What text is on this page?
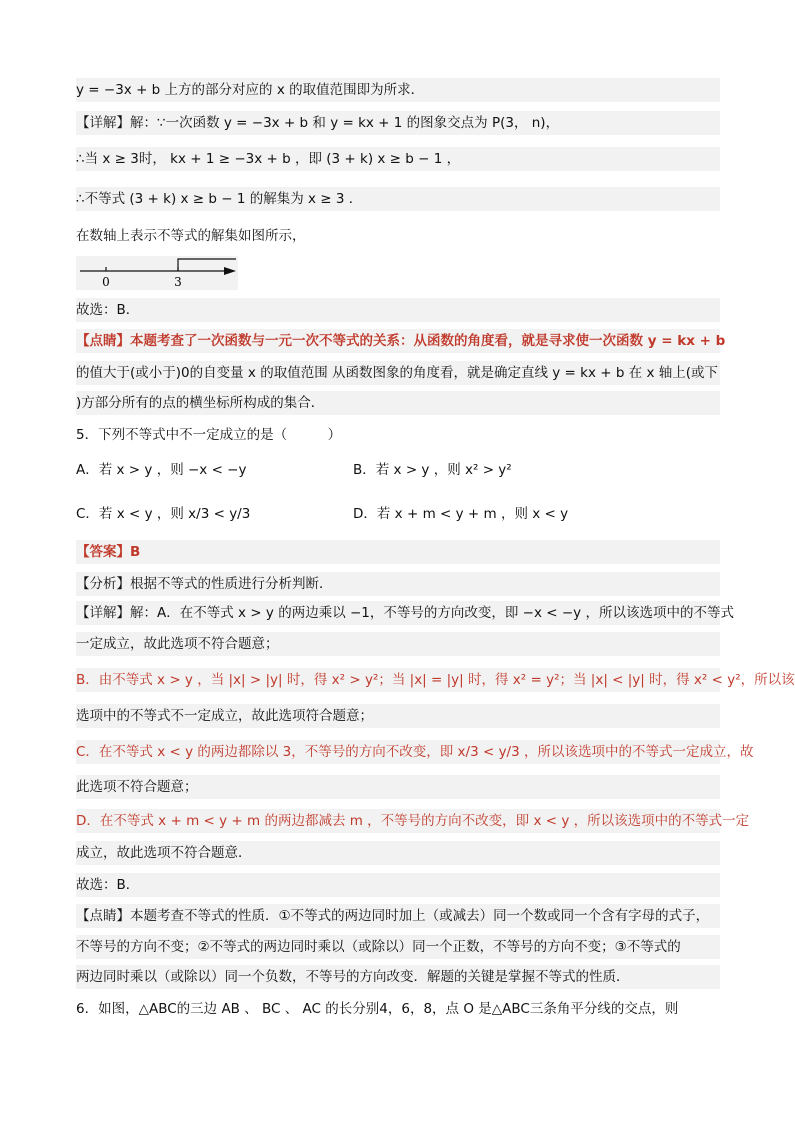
y = −3x + b 上方的部分对应的 x 的取值范围即为所求．
【详解】解：∵一次函数 y = −3x + b 和 y = kx + 1 的图象交点为 P(3， n)，
∴当 x ≥ 3时， kx + 1 ≥ −3x + b ，即 (3 + k) x ≥ b − 1 ，
∴不等式 (3 + k) x ≥ b − 1 的解集为 x ≥ 3 ．
在数轴上表示不等式的解集如图所示，
0	3
故选：B．
【点睛】本题考查了一次函数与一元一次不等式的关系：从函数的角度看，就是寻求使一次函数 y = kx + b
的值大于(或小于)0的自变量 x 的取值范围 从函数图象的角度看，就是确定直线 y = kx + b 在 x 轴上(或下
)方部分所有的点的横坐标所构成的集合．
5．下列不等式中不一定成立的是（　　　）
A．若 x > y ，则 −x < −y	B．若 x > y ，则 x² > y²
C．若 x < y ，则 x/3 < y/3	D．若 x + m < y + m ，则 x < y
【答案】B
【分析】根据不等式的性质进行分析判断．
【详解】解：A．在不等式 x > y 的两边乘以 −1，不等号的方向改变，即 −x < −y ，所以该选项中的不等式
一定成立，故此选项不符合题意；
B．由不等式 x > y ，当 |x| > |y| 时，得 x² > y²；当 |x| = |y| 时，得 x² = y²；当 |x| < |y| 时，得 x² < y²，所以该
选项中的不等式不一定成立，故此选项符合题意；
C．在不等式 x < y 的两边都除以 3，不等号的方向不改变，即 x/3 < y/3 ，所以该选项中的不等式一定成立，故
此选项不符合题意；
D．在不等式 x + m < y + m 的两边都减去 m ，不等号的方向不改变，即 x < y ，所以该选项中的不等式一定
成立，故此选项不符合题意．
故选：B．
【点睛】本题考查不等式的性质．①不等式的两边同时加上（或减去）同一个数或同一个含有字母的式子，
不等号的方向不变；②不等式的两边同时乘以（或除以）同一个正数，不等号的方向不变；③不等式的
两边同时乘以（或除以）同一个负数，不等号的方向改变．解题的关键是掌握不等式的性质．
6．如图，△ABC的三边 AB 、 BC 、 AC 的长分别4，6，8，点 O 是△ABC三条角平分线的交点，则
